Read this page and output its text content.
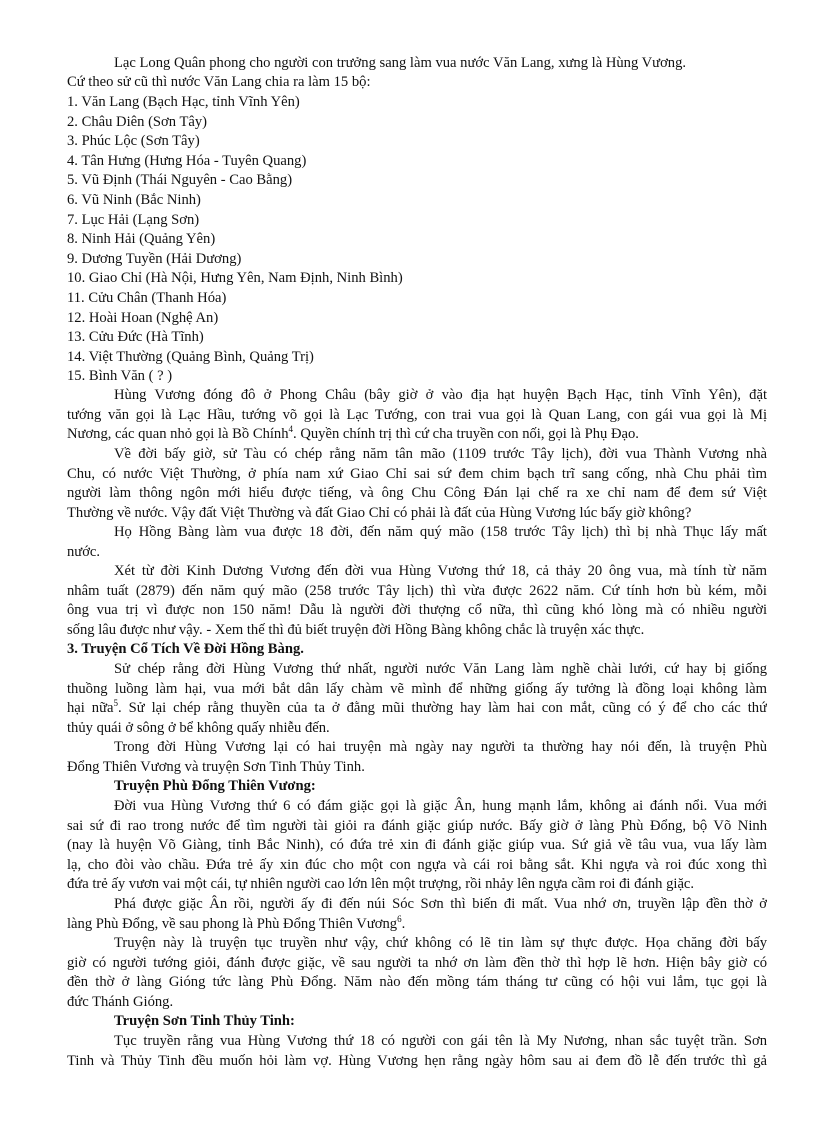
Lạc Long Quân phong cho người con trưởng sang làm vua nước Văn Lang, xưng là Hùng Vương.
Cứ theo sử cũ thì nước Văn Lang chia ra làm 15 bộ:
1. Văn Lang (Bạch Hạc, tỉnh Vĩnh Yên)
2. Châu Diên (Sơn Tây)
3. Phúc Lộc (Sơn Tây)
4. Tân Hưng (Hưng Hóa - Tuyên Quang)
5. Vũ Định (Thái Nguyên - Cao Bằng)
6. Vũ Ninh (Bắc Ninh)
7. Lục Hải (Lạng Sơn)
8. Ninh Hải (Quảng Yên)
9. Dương Tuyền (Hải Dương)
10. Giao Chỉ (Hà Nội, Hưng Yên, Nam Định, Ninh Bình)
11. Cửu Chân (Thanh Hóa)
12. Hoài Hoan (Nghệ An)
13. Cửu Đức (Hà Tĩnh)
14. Việt Thường (Quảng Bình, Quảng Trị)
15. Bình Văn ( ? )
Hùng Vương đóng đô ở Phong Châu (bây giờ ở vào địa hạt huyện Bạch Hạc, tỉnh Vĩnh Yên), đặt
tướng văn gọi là Lạc Hầu, tướng võ gọi là Lạc Tướng, con trai vua gọi là Quan Lang, con gái vua gọi là Mị
Nương, các quan nhỏ gọi là Bồ Chính$^4$. Quyền chính trị thì cứ cha truyền con nối, gọi là Phụ Đạo.
Về đời bấy giờ, sử Tàu có chép rằng năm tân mão (1109 trước Tây lịch), đời vua Thành Vương nhà
Chu, có nước Việt Thường, ở phía nam xứ Giao Chỉ sai sứ đem chim bạch trĩ sang cống, nhà Chu phải tìm
người làm thông ngôn mới hiểu được tiếng, và ông Chu Công Đán lại chế ra xe chỉ nam để đem sứ Việt
Thường về nước. Vậy đất Việt Thường và đất Giao Chỉ có phải là đất của Hùng Vương lúc bấy giờ không?
Họ Hồng Bàng làm vua được 18 đời, đến năm quý mão (158 trước Tây lịch) thì bị nhà Thục lấy mất
nước.
Xét từ đời Kinh Dương Vương đến đời vua Hùng Vương thứ 18, cả thảy 20 ông vua, mà tính từ năm
nhâm tuất (2879) đến năm quý mão (258 trước Tây lịch) thì vừa được 2622 năm. Cứ tính hơn bù kém, mỗi
ông vua trị vì được non 150 năm! Dẫu là người đời thượng cổ nữa, thì cũng khó lòng mà có nhiều người
sống lâu được như vậy. - Xem thế thì đủ biết truyện đời Hồng Bàng không chắc là truyện xác thực.
3. Truyện Cổ Tích Về Đời Hồng Bàng.
Sử chép rằng đời Hùng Vương thứ nhất, người nước Văn Lang làm nghề chài lưới, cứ hay bị giống
thuồng luồng làm hại, vua mới bắt dân lấy chàm vẽ mình để những giống ấy tưởng là đồng loại không làm
hại nữa$^5$. Sử lại chép rằng thuyền của ta ở đằng mũi thường hay làm hai con mắt, cũng có ý để cho các thứ
thủy quái ở sông ở bể không quấy nhiễu đến.
Trong đời Hùng Vương lại có hai truyện mà ngày nay người ta thường hay nói đến, là truyện Phù
Đổng Thiên Vương và truyện Sơn Tinh Thủy Tinh.
Truyện Phù Đổng Thiên Vương:
Đời vua Hùng Vương thứ 6 có đám giặc gọi là giặc Ân, hung mạnh lắm, không ai đánh nổi. Vua mới
sai sứ đi rao trong nước để tìm người tài giỏi ra đánh giặc giúp nước. Bấy giờ ở làng Phù Đổng, bộ Võ Ninh
(nay là huyện Võ Giàng, tỉnh Bắc Ninh), có đứa trẻ xin đi đánh giặc giúp vua. Sứ giả về tâu vua, vua lấy làm
lạ, cho đòi vào chầu. Đứa trẻ ấy xin đúc cho một con ngựa và cái roi bằng sắt. Khi ngựa và roi đúc xong thì
đứa trẻ ấy vươn vai một cái, tự nhiên người cao lớn lên một trượng, rồi nhảy lên ngựa cầm roi đi đánh giặc.
Phá được giặc Ân rồi, người ấy đi đến núi Sóc Sơn thì biến đi mất. Vua nhớ ơn, truyền lập đền thờ ở
làng Phù Đổng, về sau phong là Phù Đổng Thiên Vương$^6$.
Truyện này là truyện tục truyền như vậy, chứ không có lẽ tin làm sự thực được. Họa chăng đời bấy
giờ có người tướng giỏi, đánh được giặc, về sau người ta nhớ ơn làm đền thờ thì hợp lẽ hơn. Hiện bây giờ có
đền thờ ở làng Gióng tức làng Phù Đổng. Năm nào đến mồng tám tháng tư cũng có hội vui lắm, tục gọi là
đức Thánh Gióng.
Truyện Sơn Tinh Thủy Tinh:
Tục truyền rằng vua Hùng Vương thứ 18 có người con gái tên là My Nương, nhan sắc tuyệt trần. Sơn
Tinh và Thủy Tinh đều muốn hỏi làm vợ. Hùng Vương hẹn rằng ngày hôm sau ai đem đồ lễ đến trước thì gả
